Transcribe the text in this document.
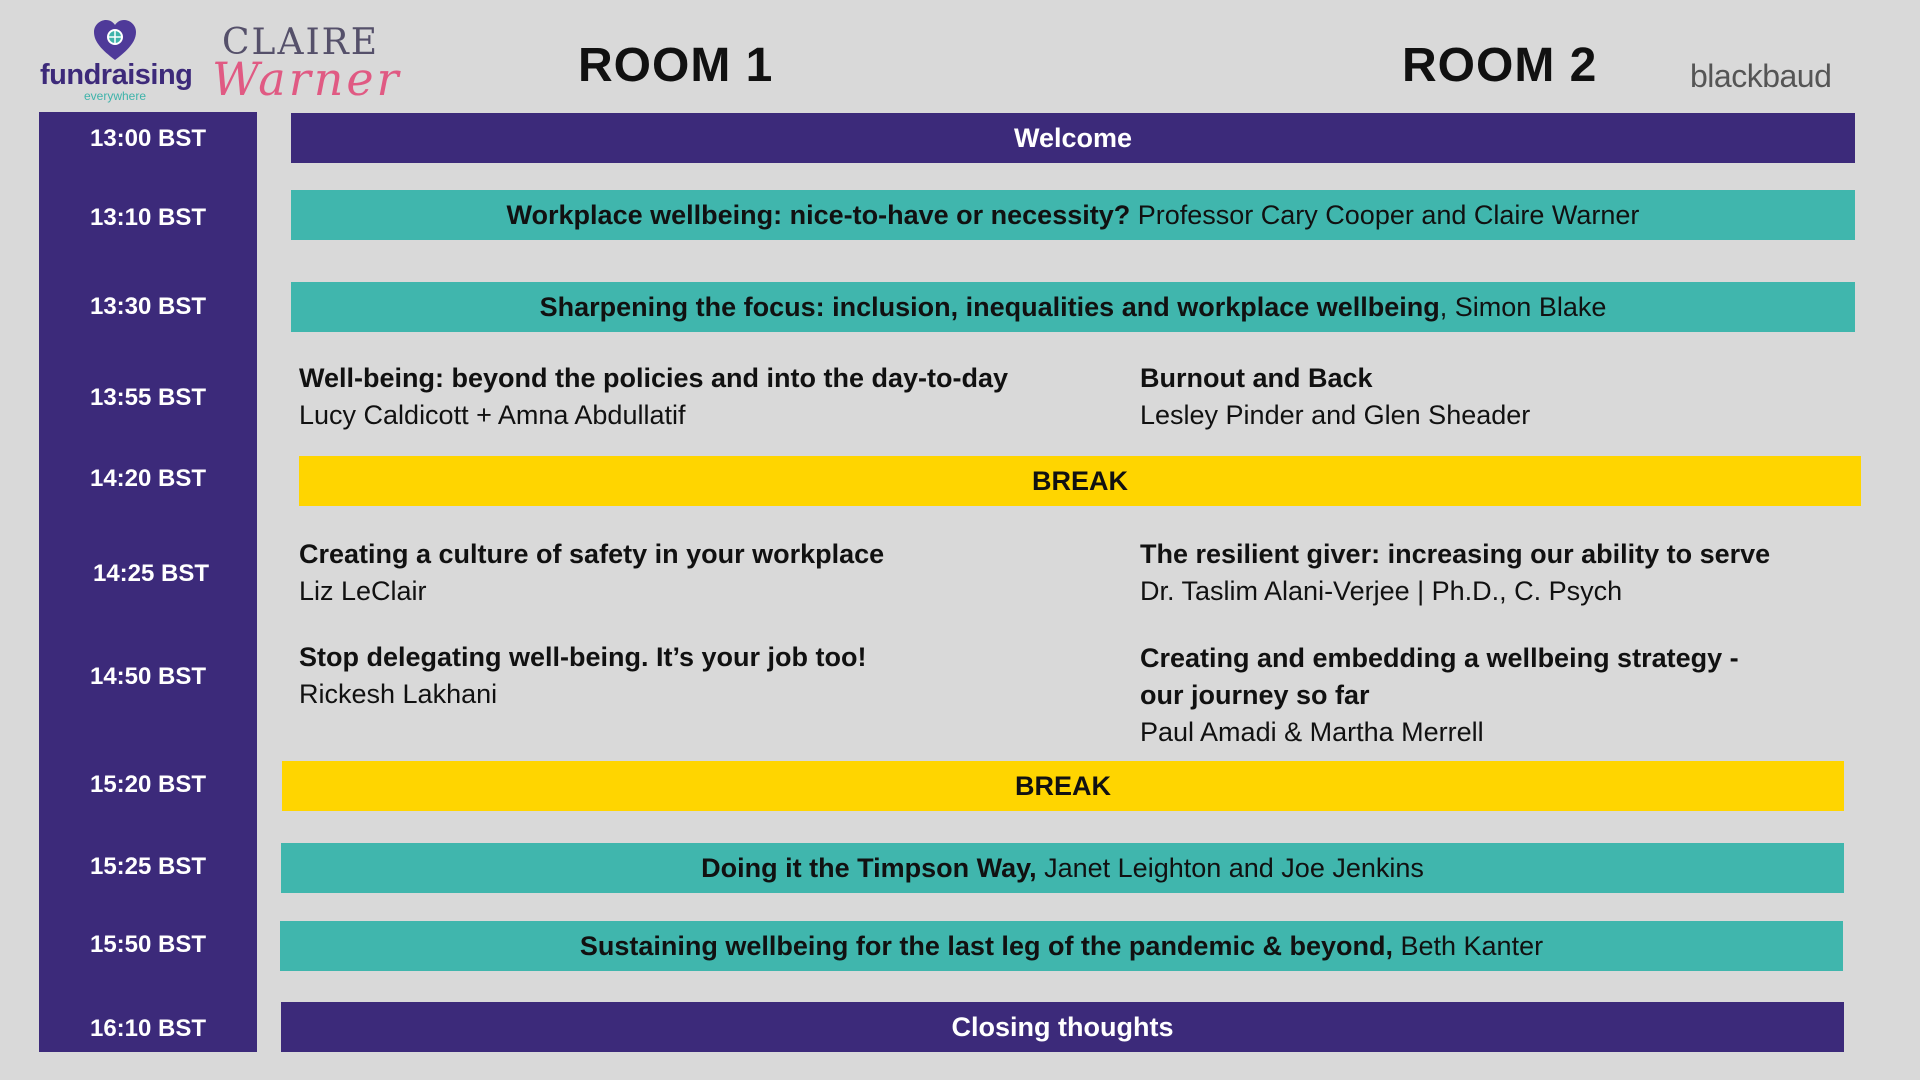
fundraising
everywhere
CLAIRE
Warner	blackbaud
ROOM 1	ROOM 2
13:00 BST
13:10 BST
13:30 BST
13:55 BST
14:20 BST
14:25 BST
14:50 BST
15:20 BST
15:25 BST
15:50 BST
16:10 BST
Welcome
Workplace wellbeing: nice-to-have or necessity? Professor Cary Cooper and Claire Warner
Sharpening the focus: inclusion, inequalities and workplace wellbeing , Simon Blake
Well-being: beyond the policies and into the day-to-day
Lucy Caldicott + Amna Abdullatif
Burnout and Back
Lesley Pinder and Glen Sheader
BREAK
Creating a culture of safety in your workplace
Liz LeClair
The resilient giver: increasing our ability to serve
Dr. Taslim Alani-Verjee | Ph.D., C. Psych
Stop delegating well-being. It’s your job too!
Rickesh Lakhani
Creating and embedding a wellbeing strategy -
our journey so far
Paul Amadi & Martha Merrell
BREAK
Doing it the Timpson Way, Janet Leighton and Joe Jenkins
Sustaining wellbeing for the last leg of the pandemic & beyond, Beth Kanter
Closing thoughts
